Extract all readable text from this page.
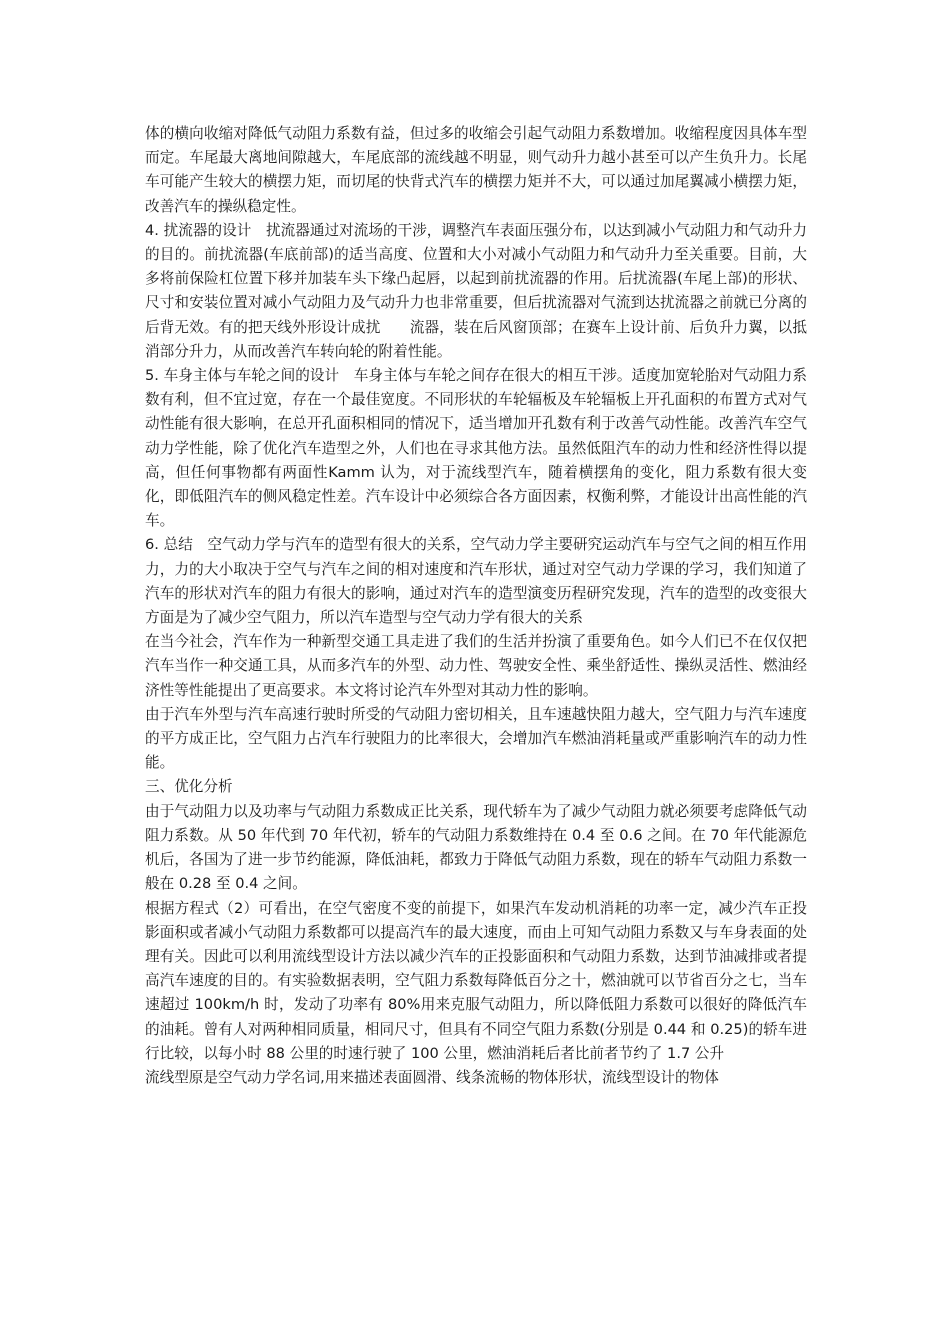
体的横向收缩对降低气动阻力系数有益，但过多的收缩会引起气动阻力系数增加。收缩程度因具体车型而定。车尾最大离地间隙越大，车尾底部的流线越不明显，则气动升力越小甚至可以产生负升力。长尾车可能产生较大的横摆力矩，而切尾的快背式汽车的横摆力矩并不大，可以通过加尾翼减小横摆力矩，改善汽车的操纵稳定性。

4. 扰流器的设计　扰流器通过对流场的干涉，调整汽车表面压强分布，以达到减小气动阻力和气动升力的目的。前扰流器(车底前部)的适当高度、位置和大小对减小气动阻力和气动升力至关重要。目前，大多将前保险杠位置下移并加装车头下缘凸起唇，以起到前扰流器的作用。后扰流器(车尾上部)的形状、尺寸和安装位置对减小气动阻力及气动升力也非常重要，但后扰流器对气流到达扰流器之前就已分离的后背无效。有的把天线外形设计成扰　　流器，装在后风窗顶部；在赛车上设计前、后负升力翼，以抵消部分升力，从而改善汽车转向轮的附着性能。

5. 车身主体与车轮之间的设计　车身主体与车轮之间存在很大的相互干涉。适度加宽轮胎对气动阻力系数有利，但不宜过宽，存在一个最佳宽度。不同形状的车轮辐板及车轮辐板上开孔面积的布置方式对气动性能有很大影响，在总开孔面积相同的情况下，适当增加开孔数有利于改善气动性能。改善汽车空气动力学性能，除了优化汽车造型之外，人们也在寻求其他方法。虽然低阻汽车的动力性和经济性得以提高，但任何事物都有两面性Kamm 认为，对于流线型汽车，随着横摆角的变化，阻力系数有很大变化，即低阻汽车的侧风稳定性差。汽车设计中必须综合各方面因素，权衡利弊，才能设计出高性能的汽车。

6. 总结　空气动力学与汽车的造型有很大的关系，空气动力学主要研究运动汽车与空气之间的相互作用力，力的大小取决于空气与汽车之间的相对速度和汽车形状，通过对空气动力学课的学习，我们知道了汽车的形状对汽车的阻力有很大的影响，通过对汽车的造型演变历程研究发现，汽车的造型的改变很大方面是为了减少空气阻力，所以汽车造型与空气动力学有很大的关系

在当今社会，汽车作为一种新型交通工具走进了我们的生活并扮演了重要角色。如今人们已不在仅仅把汽车当作一种交通工具，从而多汽车的外型、动力性、驾驶安全性、乘坐舒适性、操纵灵活性、燃油经济性等性能提出了更高要求。本文将讨论汽车外型对其动力性的影响。

由于汽车外型与汽车高速行驶时所受的气动阻力密切相关，且车速越快阻力越大，空气阻力与汽车速度的平方成正比，空气阻力占汽车行驶阻力的比率很大，会增加汽车燃油消耗量或严重影响汽车的动力性能。

三、优化分析

由于气动阻力以及功率与气动阻力系数成正比关系，现代轿车为了减少气动阻力就必须要考虑降低气动阻力系数。从 50 年代到 70 年代初，轿车的气动阻力系数维持在 0.4 至 0.6 之间。在 70 年代能源危机后，各国为了进一步节约能源，降低油耗，都致力于降低气动阻力系数，现在的轿车气动阻力系数一般在 0.28 至 0.4 之间。

根据方程式（2）可看出，在空气密度不变的前提下，如果汽车发动机消耗的功率一定，减少汽车正投影面积或者减小气动阻力系数都可以提高汽车的最大速度，而由上可知气动阻力系数又与车身表面的处理有关。因此可以利用流线型设计方法以减少汽车的正投影面积和气动阻力系数，达到节油减排或者提高汽车速度的目的。有实验数据表明，空气阻力系数每降低百分之十，燃油就可以节省百分之七，当车速超过 100km/h 时，发动了功率有 80%用来克服气动阻力，所以降低阻力系数可以很好的降低汽车的油耗。曾有人对两种相同质量，相同尺寸，但具有不同空气阻力系数(分别是 0.44 和 0.25)的轿车进行比较，以每小时 88 公里的时速行驶了 100 公里，燃油消耗后者比前者节约了 1.7 公升

流线型原是空气动力学名词,用来描述表面圆滑、线条流畅的物体形状，流线型设计的物体
